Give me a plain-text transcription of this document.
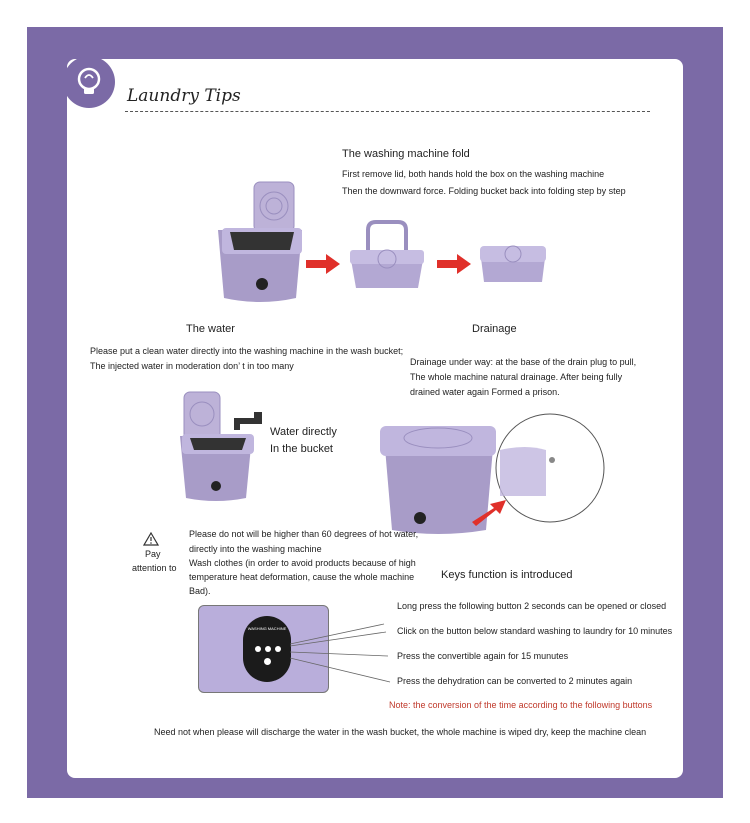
Laundry Tips
The washing machine fold
First remove lid, both hands hold the box on the washing machine
Then the downward force. Folding bucket back into folding step by step
The water	Drainage
Please put a clean water directly into the washing machine in the wash bucket;
The injected water in moderation don’ t in too many	Drainage under way: at the base of the drain plug to pull,
The whole machine natural drainage. After being fully
drained water again Formed a prison.
Water directly
In the bucket
Pay
attention to
Please do not will be higher than 60 degrees of hot water,
directly into the washing machine
Wash clothes (in order to avoid products because of high
temperature heat deformation, cause the whole machine
Bad).
Keys function is introduced
WASHING MACHINE
Long press the following button 2 seconds can be opened or closed
Click on the button below standard washing to laundry for 10 minutes
Press the convertible again for 15 munutes
Press the dehydration can be converted to 2 minutes again
Note: the conversion of the time according to the following buttons
Need not when please will discharge the water in the wash bucket, the whole machine is wiped dry, keep the machine clean
